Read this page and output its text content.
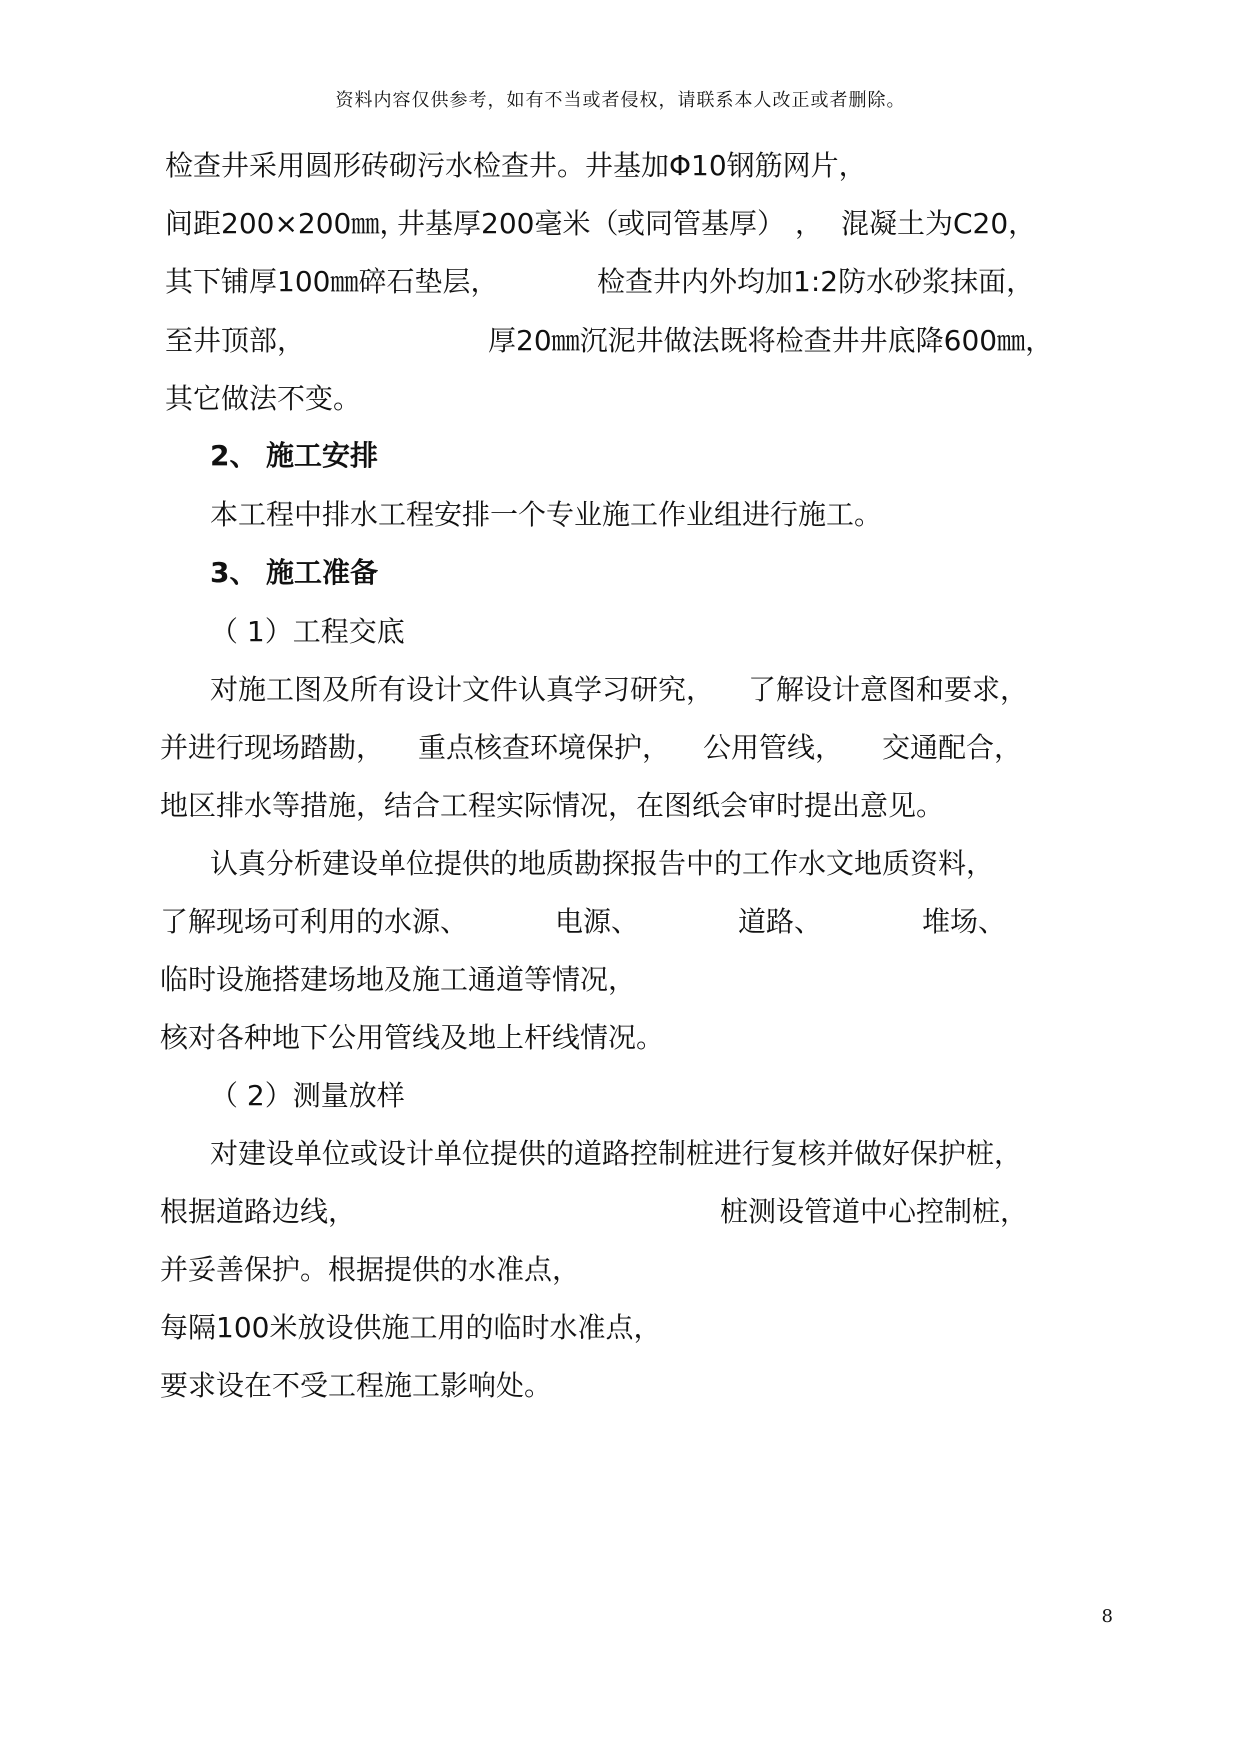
资料内容仅供参考，如有不当或者侵权，请联系本人改正或者删除。
检查井采用圆形砖砌污水检查井。井基加Φ10钢筋网片，
间距200×200㎜，
井基厚200毫米（
或同管基厚） ， 混凝土为C20，
其下铺厚100㎜碎石垫层，	检查井内外均加1:2防水砂浆抹面，
至井顶部，	厚20㎜沉泥井做法既将检查井井底降600㎜，
其它做法不变。
2、 施工安排
本工程中排水工程安排一个专业施工作业组进行施工。
3、 施工准备
（ 1）工程交底
对施工图及所有设计文件认真学习研究， 了解设计意图和要求，
并进行现场踏勘， 重点核查环境保护， 公用管线， 交通配合，
地区排水等措施，结合工程实际情况，在图纸会审时提出意见。
认真分析建设单位提供的地质勘探报告中的工作水文地质资料，
了解现场可利用的水源、	电源、	道路、	堆场、
临时设施搭建场地及施工通道等情况，
核对各种地下公用管线及地上杆线情况。
（ 2）测量放样
对建设单位或设计单位提供的道路控制桩进行复核并做好保护桩，
根据道路边线，	桩测设管道中心控制桩，
并妥善保护。根据提供的水准点，
每隔100米放设供施工用的临时水准点，
要求设在不受工程施工影响处。
8
